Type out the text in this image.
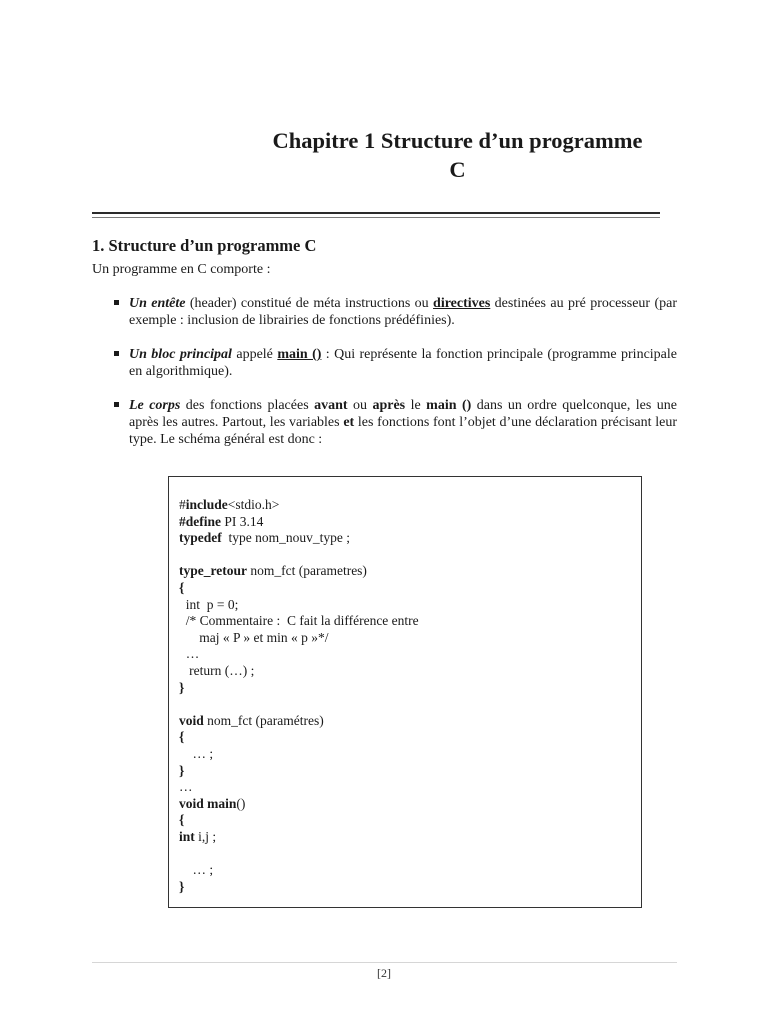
Chapitre 1 Structure d’un programme
C
1. Structure d’un programme C

Un programme en C comporte :

Un entête (header) constitué de méta instructions ou directives destinées au pré processeur (par exemple : inclusion de librairies de fonctions prédéfinies).
Un bloc principal appelé main () : Qui représente la fonction principale (programme principale en algorithmique).
Le corps des fonctions placées avant ou après le main () dans un ordre quelconque, les une après les autres. Partout, les variables et les fonctions font l’objet d’une déclaration précisant leur type. Le schéma général est donc :
#include<stdio.h>
#define PI 3.14
typedef  type nom_nouv_type ;
type_retour nom_fct (parametres)
{
int  p = 0;
/* Commentaire :  C fait la différence entre
maj « P » et min « p »*/
…
return (…) ;
}
void nom_fct (paramétres)
{
… ;
}
…
void main()
{
int i,j ;
… ;
}
[2]
